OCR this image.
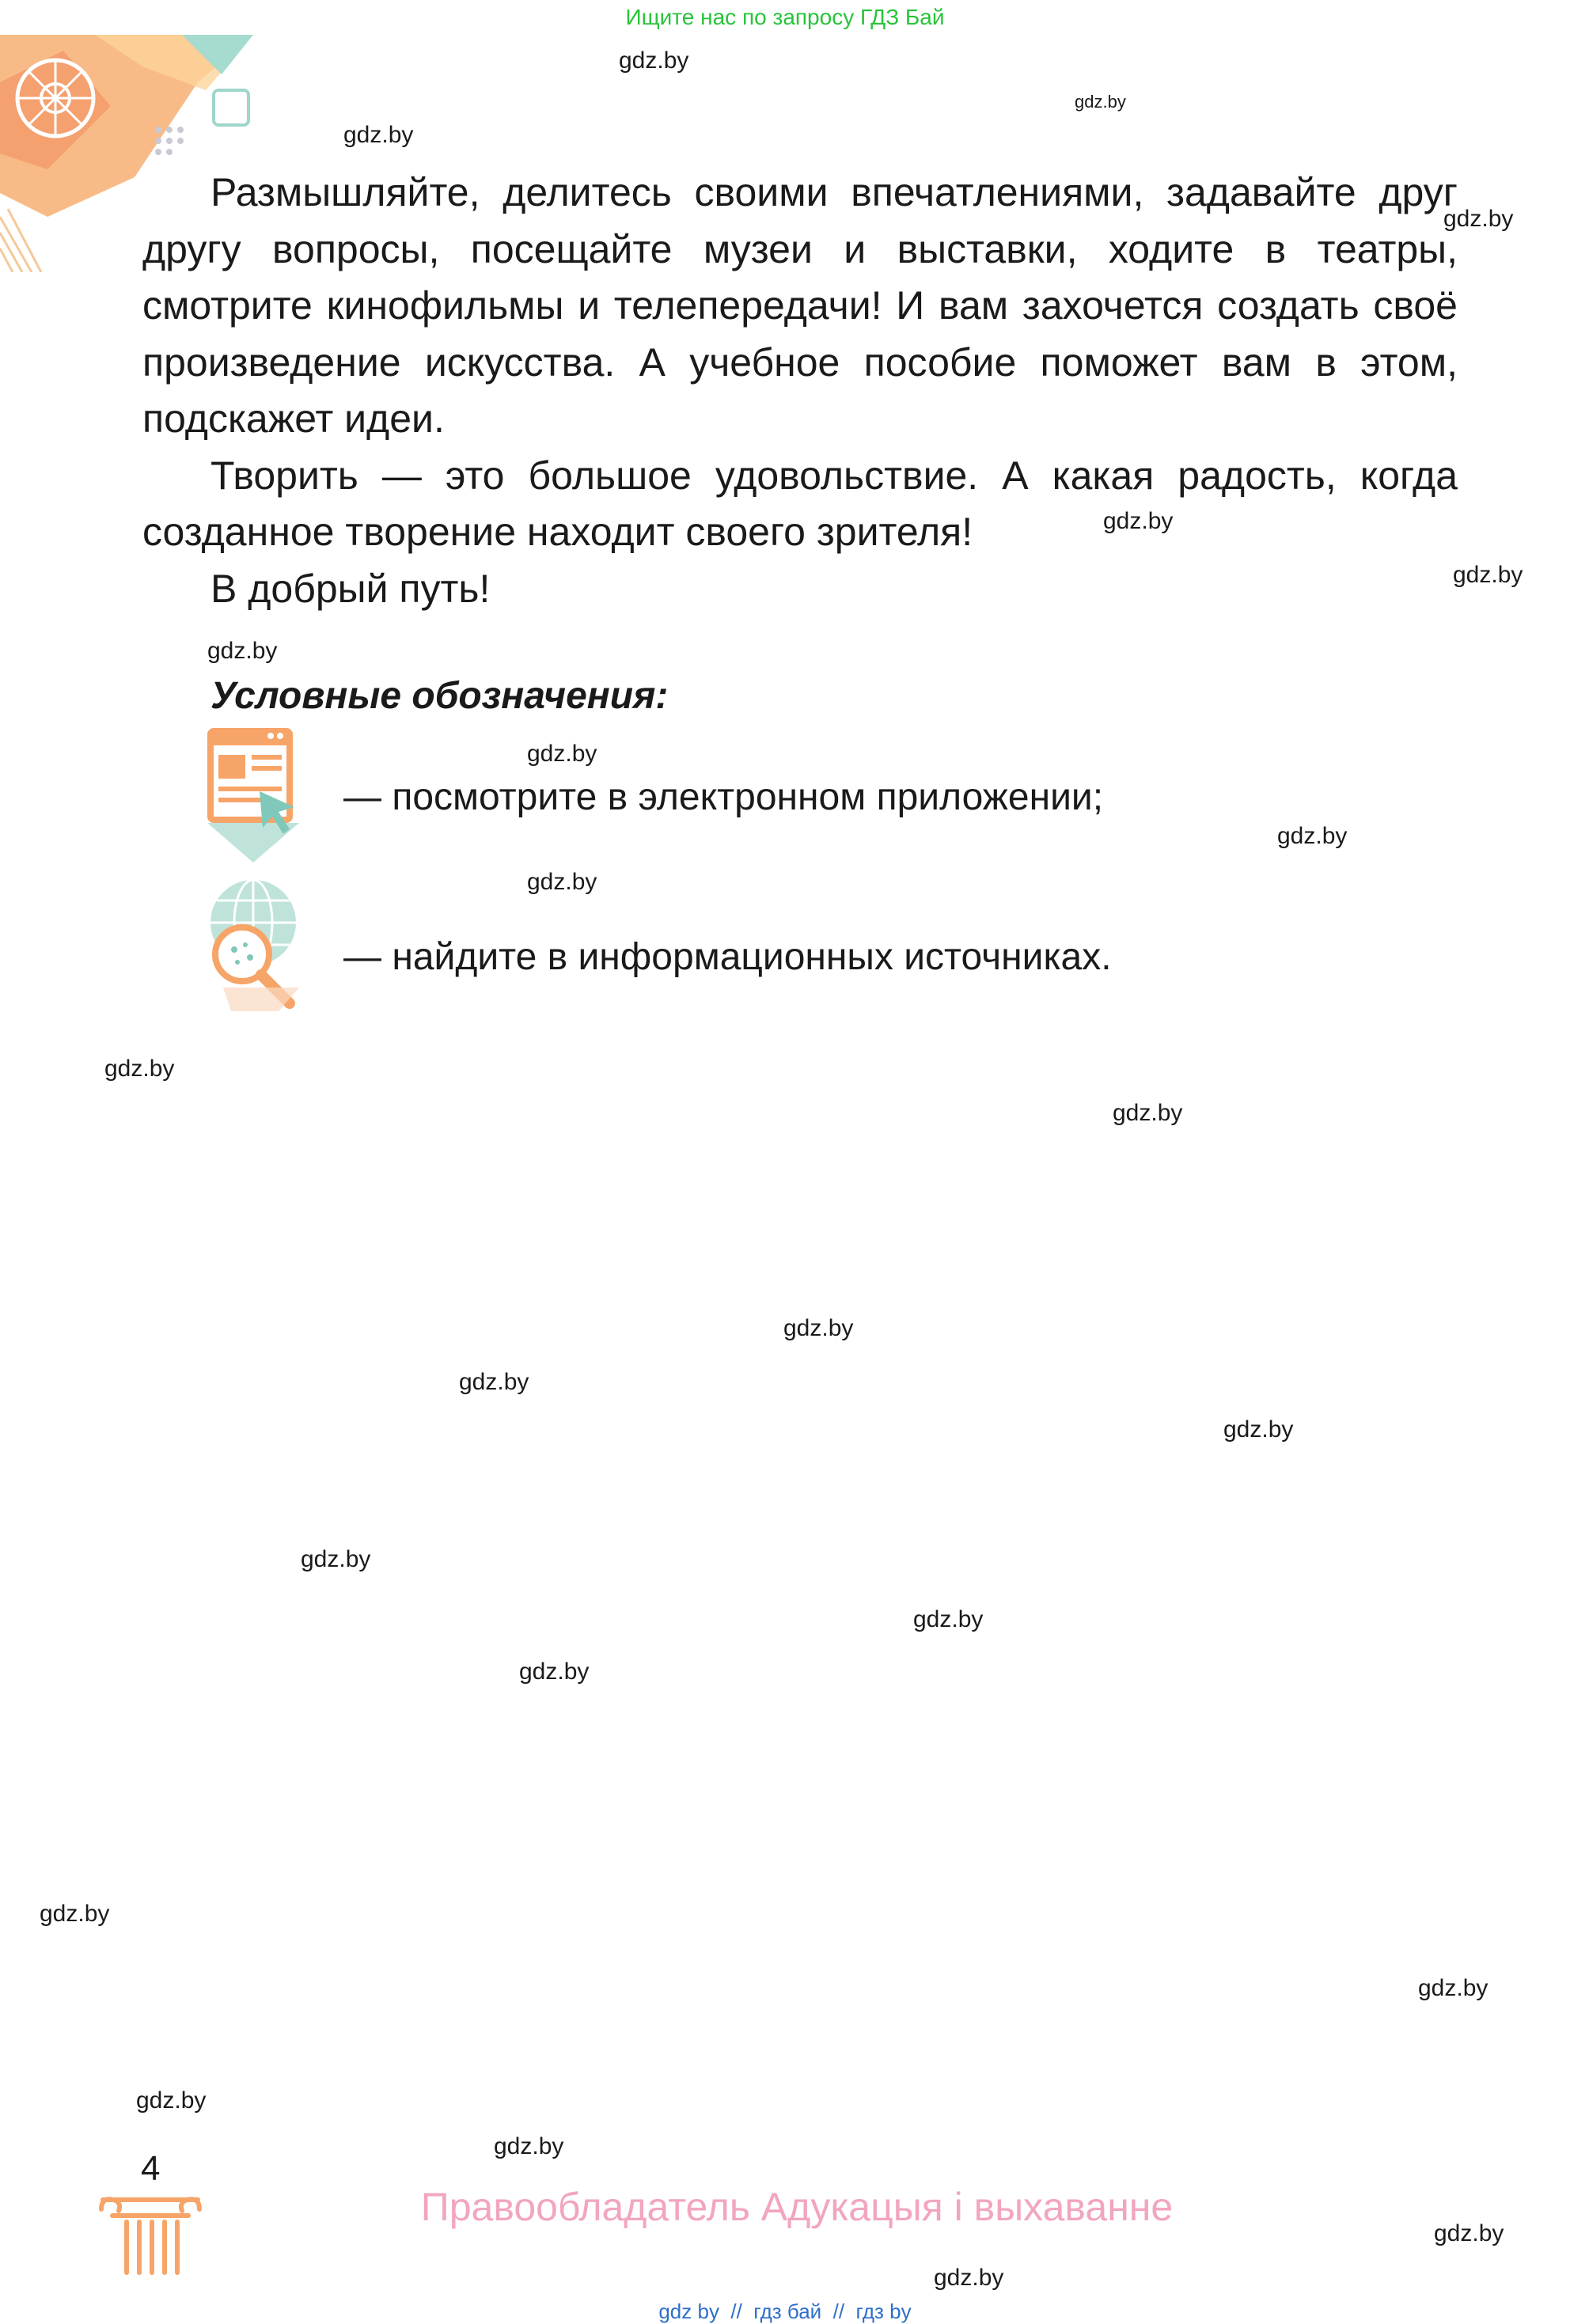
Ищите нас по запросу ГДЗ Бай

Размышляйте, делитесь своими впечатлениями, задавайте друг другу вопросы, посещайте музеи и выставки, ходите в театры, смотрите кинофильмы и телепередачи! И вам захочется создать своё произведение искусства. А учебное пособие поможет вам в этом, подскажет идеи.

Творить — это большое удовольствие. А какая радость, когда созданное творение находит своего зрителя!

В добрый путь!

Условные обозначения:
— посмотрите в электронном приложении;
— найдите в информационных источниках.
gdz.by
gdz.by
gdz.by
gdz.by
gdz.by
gdz.by
gdz.by
gdz.by
gdz.by
gdz.by
gdz.by
gdz.by
gdz.by
gdz.by
gdz.by
gdz.by
gdz.by
gdz.by
gdz.by
gdz.by
gdz.by
gdz.by
gdz.by
gdz.by
4
Правообладатель Адукацыя і выхаванне
gdz by  //  гдз бай  //  гдз by
